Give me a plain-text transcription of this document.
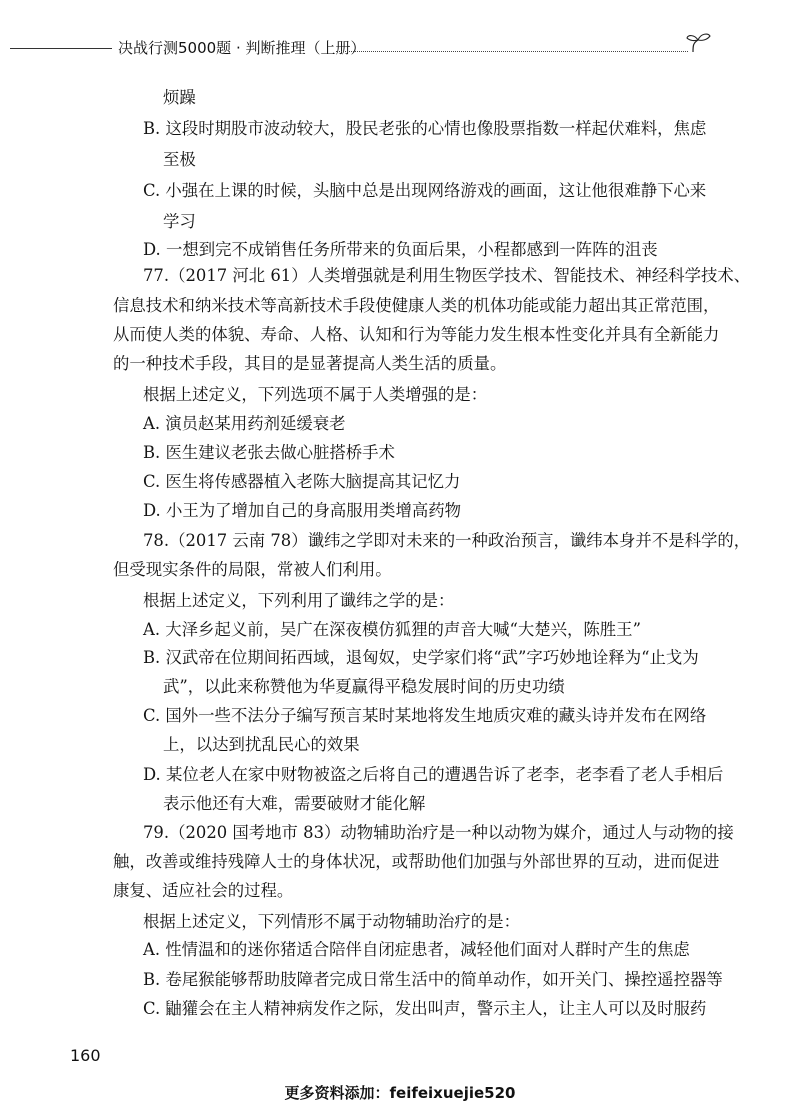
决战行测5000题 · 判断推理（上册）
烦躁
B. 这段时期股市波动较大，股民老张的心情也像股票指数一样起伏难料，焦虑
至极
C. 小强在上课的时候，头脑中总是出现网络游戏的画面，这让他很难静下心来
学习
D. 一想到完不成销售任务所带来的负面后果，小程都感到一阵阵的沮丧
77.（2017 河北 61）人类增强就是利用生物医学技术、智能技术、神经科学技术、
信息技术和纳米技术等高新技术手段使健康人类的机体功能或能力超出其正常范围，
从而使人类的体貌、寿命、人格、认知和行为等能力发生根本性变化并具有全新能力
的一种技术手段，其目的是显著提高人类生活的质量。
根据上述定义，下列选项不属于人类增强的是：
A. 演员赵某用药剂延缓衰老
B. 医生建议老张去做心脏搭桥手术
C. 医生将传感器植入老陈大脑提高其记忆力
D. 小王为了增加自己的身高服用类增高药物
78.（2017 云南 78）谶纬之学即对未来的一种政治预言，谶纬本身并不是科学的，
但受现实条件的局限，常被人们利用。
根据上述定义，下列利用了谶纬之学的是：
A. 大泽乡起义前，吴广在深夜模仿狐狸的声音大喊“大楚兴，陈胜王”
B. 汉武帝在位期间拓西域，退匈奴，史学家们将“武”字巧妙地诠释为“止戈为
武”，以此来称赞他为华夏赢得平稳发展时间的历史功绩
C. 国外一些不法分子编写预言某时某地将发生地质灾难的藏头诗并发布在网络
上，以达到扰乱民心的效果
D. 某位老人在家中财物被盗之后将自己的遭遇告诉了老李，老李看了老人手相后
表示他还有大难，需要破财才能化解
79.（2020 国考地市 83）动物辅助治疗是一种以动物为媒介，通过人与动物的接
触，改善或维持残障人士的身体状况，或帮助他们加强与外部世界的互动，进而促进
康复、适应社会的过程。
根据上述定义，下列情形不属于动物辅助治疗的是：
A. 性情温和的迷你猪适合陪伴自闭症患者，减轻他们面对人群时产生的焦虑
B. 卷尾猴能够帮助肢障者完成日常生活中的简单动作，如开关门、操控遥控器等
C. 鼬獾会在主人精神病发作之际，发出叫声，警示主人，让主人可以及时服药
160
更多资料添加：feifeixuejie520
